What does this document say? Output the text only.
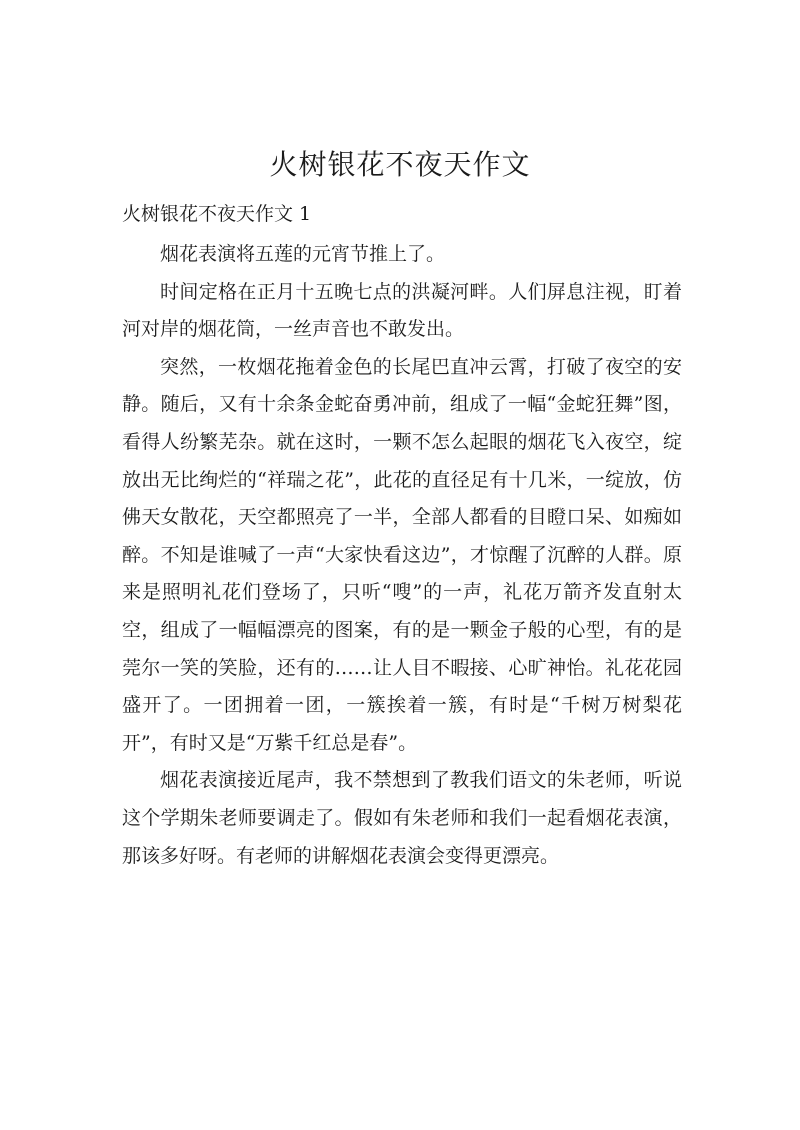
火树银花不夜天作文
火树银花不夜天作文 1

烟花表演将五莲的元宵节推上了。

时间定格在正月十五晚七点的洪凝河畔。人们屏息注视，盯着河对岸的烟花筒，一丝声音也不敢发出。

突然，一枚烟花拖着金色的长尾巴直冲云霄，打破了夜空的安静。随后，又有十余条金蛇奋勇冲前，组成了一幅“金蛇狂舞”图，看得人纷繁芜杂。就在这时，一颗不怎么起眼的烟花飞入夜空，绽放出无比绚烂的“祥瑞之花”，此花的直径足有十几米，一绽放，仿佛天女散花，天空都照亮了一半，全部人都看的目瞪口呆、如痴如醉。不知是谁喊了一声“大家快看这边”，才惊醒了沉醉的人群。原来是照明礼花们登场了，只听“嗖”的一声，礼花万箭齐发直射太空，组成了一幅幅漂亮的图案，有的是一颗金子般的心型，有的是莞尔一笑的笑脸，还有的……让人目不暇接、心旷神怡。礼花花园盛开了。一团拥着一团，一簇挨着一簇，有时是“千树万树梨花开”，有时又是“万紫千红总是春”。

烟花表演接近尾声，我不禁想到了教我们语文的朱老师，听说这个学期朱老师要调走了。假如有朱老师和我们一起看烟花表演，那该多好呀。有老师的讲解烟花表演会变得更漂亮。
